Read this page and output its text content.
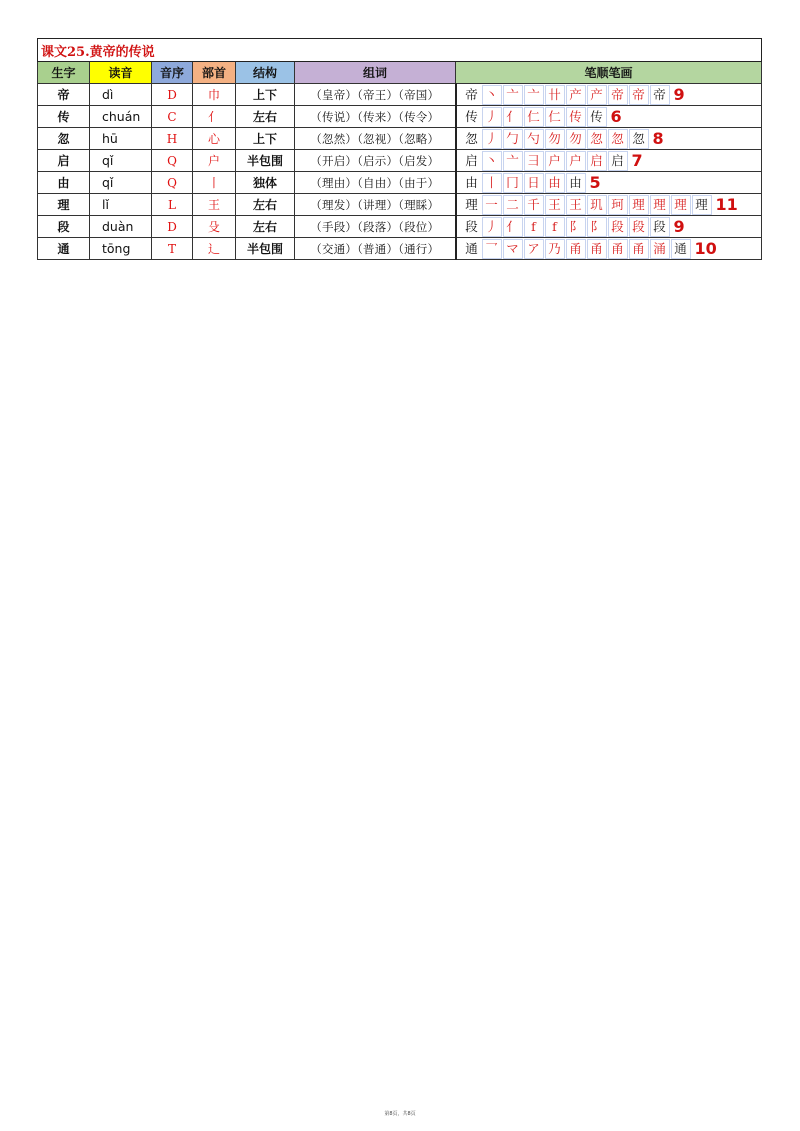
课文25.黄帝的传说						
生字	读音	音序	部首	结构	组词	笔顺笔画
帝	dì	D	巾	上下	（皇帝）（帝王）（帝国）	帝 丶 亠 亠 卄 产 产 帝 帝 帝 9
传	chuán	C	亻	左右	（传说）（传来）（传令）	传 丿 亻 仁 仁 传 传 6
忽	hū	H	心	上下	（忽然）（忽视）（忽略）	忽 丿 勹 勺 勿 勿 忽 忽 忽 8
启	qǐ	Q	户	半包围	（开启）（启示）（启发）	启 丶 亠 彐 户 户 启 启 7
由	qǐ	Q	丨	独体	（理由）（自由）（由于）	由 丨 冂 日 由 由 5
理	lǐ	L	王	左右	（理发）（讲理）（理睬）	理 一 二 千 王 王 玑 珂 理 理 理 理 11
段	duàn	D	殳	左右	（手段）（段落）（段位）	段 丿 亻 f f 阝 阝 段 段 段 9
通	tōng	T	辶	半包围	（交通）（普通）（通行）	通 乛 マ ア 乃 甬 甬 甬 甬 涌 通 10
第8页，共8页
